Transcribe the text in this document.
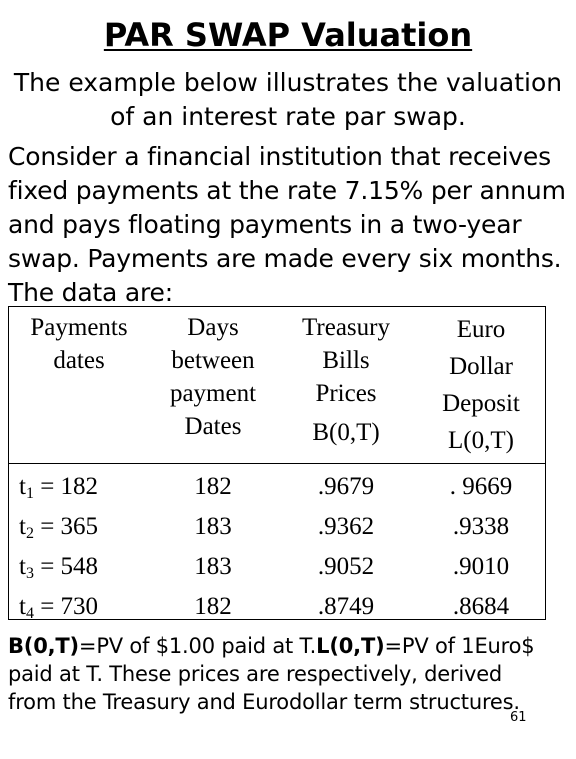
PAR SWAP Valuation
The example below illustrates the valuation
of an interest rate par swap.
Consider a financial institution that receives
fixed payments at the rate 7.15% per annum
and pays floating payments in a two-year
swap. Payments are made every six months.
The data are:
Payments
dates
Days
between
payment
Dates
Treasury
Bills
Prices
B(0,T)
Euro
Dollar
Deposit
L(0,T)
$t_1 = 182$
$t_2 = 365$
$t_3 = 548$
$t_4 = 730$
182
183
183
182
.9679
.9362
.9052
.8749
. 9669
.9338
.9010
.8684
B(0,T)=PV of $1.00 paid at T.L(0,T)=PV of 1Euro$
paid at T. These prices are respectively, derived
from the Treasury and Eurodollar term structures.
61
